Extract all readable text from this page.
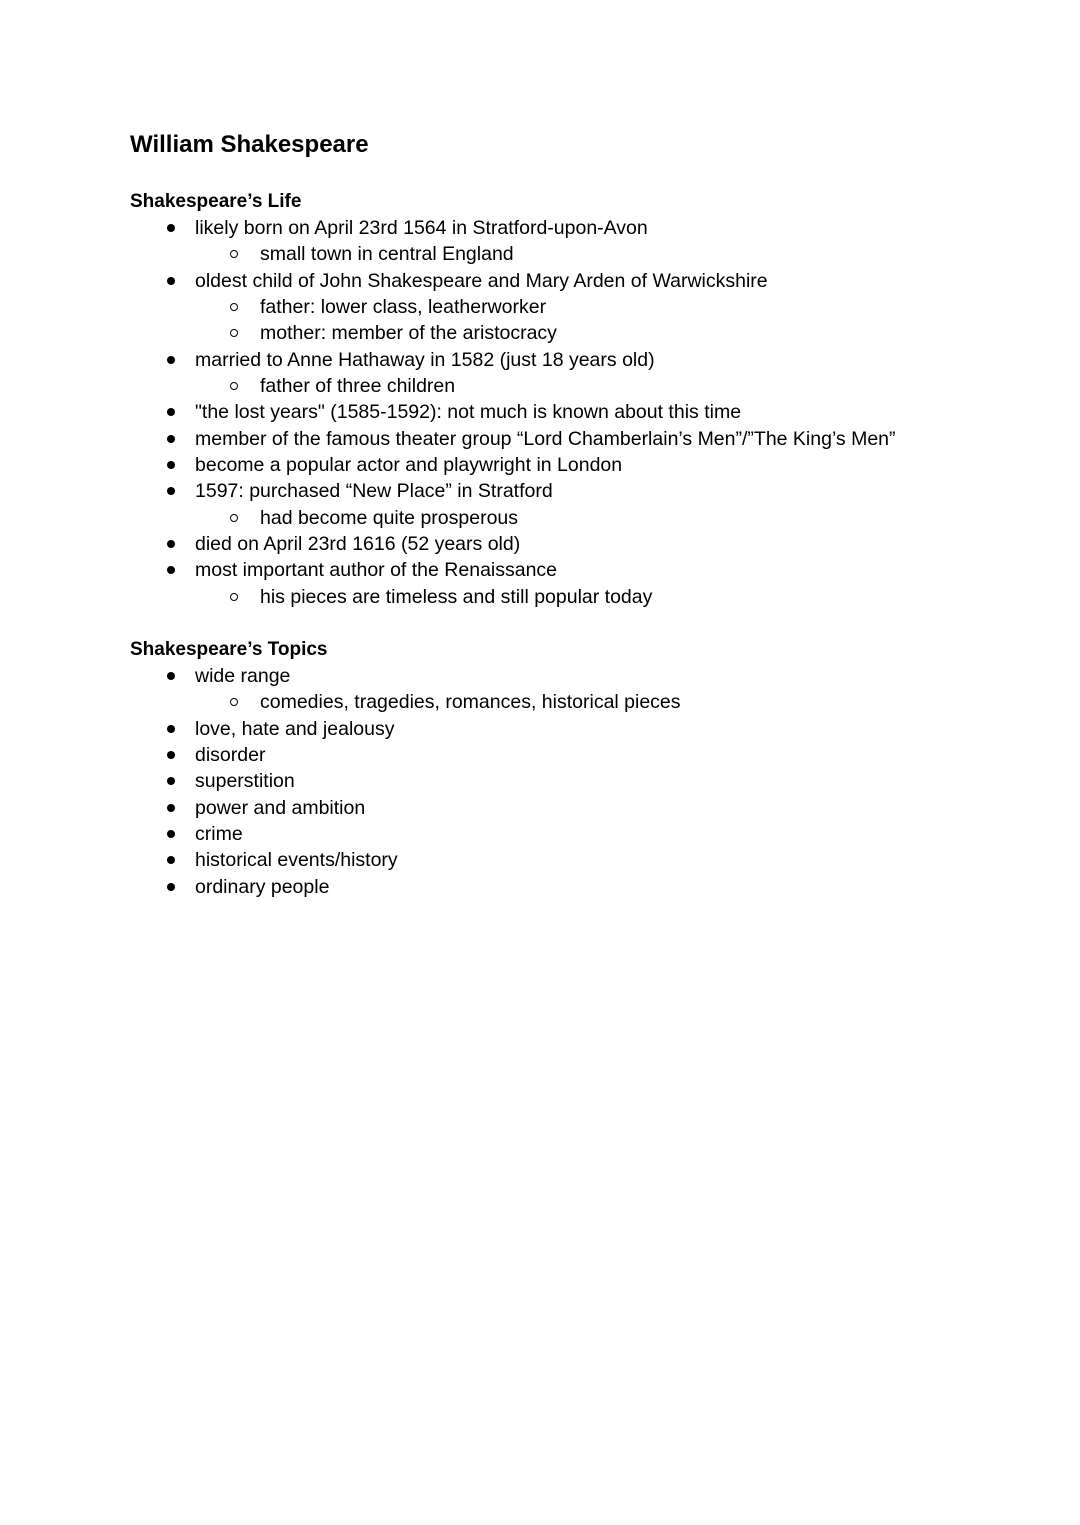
William Shakespeare
Shakespeare’s Life
likely born on April 23rd 1564 in Stratford-upon-Avon
small town in central England
oldest child of John Shakespeare and Mary Arden of Warwickshire
father: lower class, leatherworker
mother: member of the aristocracy
married to Anne Hathaway in 1582 (just 18 years old)
father of three children
"the lost years" (1585-1592): not much is known about this time
member of the famous theater group “Lord Chamberlain’s Men”/”The King’s Men”
become a popular actor and playwright in London
1597: purchased “New Place” in Stratford
had become quite prosperous
died on April 23rd 1616 (52 years old)
most important author of the Renaissance
his pieces are timeless and still popular today
Shakespeare’s Topics
wide range
comedies, tragedies, romances, historical pieces
love, hate and jealousy
disorder
superstition
power and ambition
crime
historical events/history
ordinary people
